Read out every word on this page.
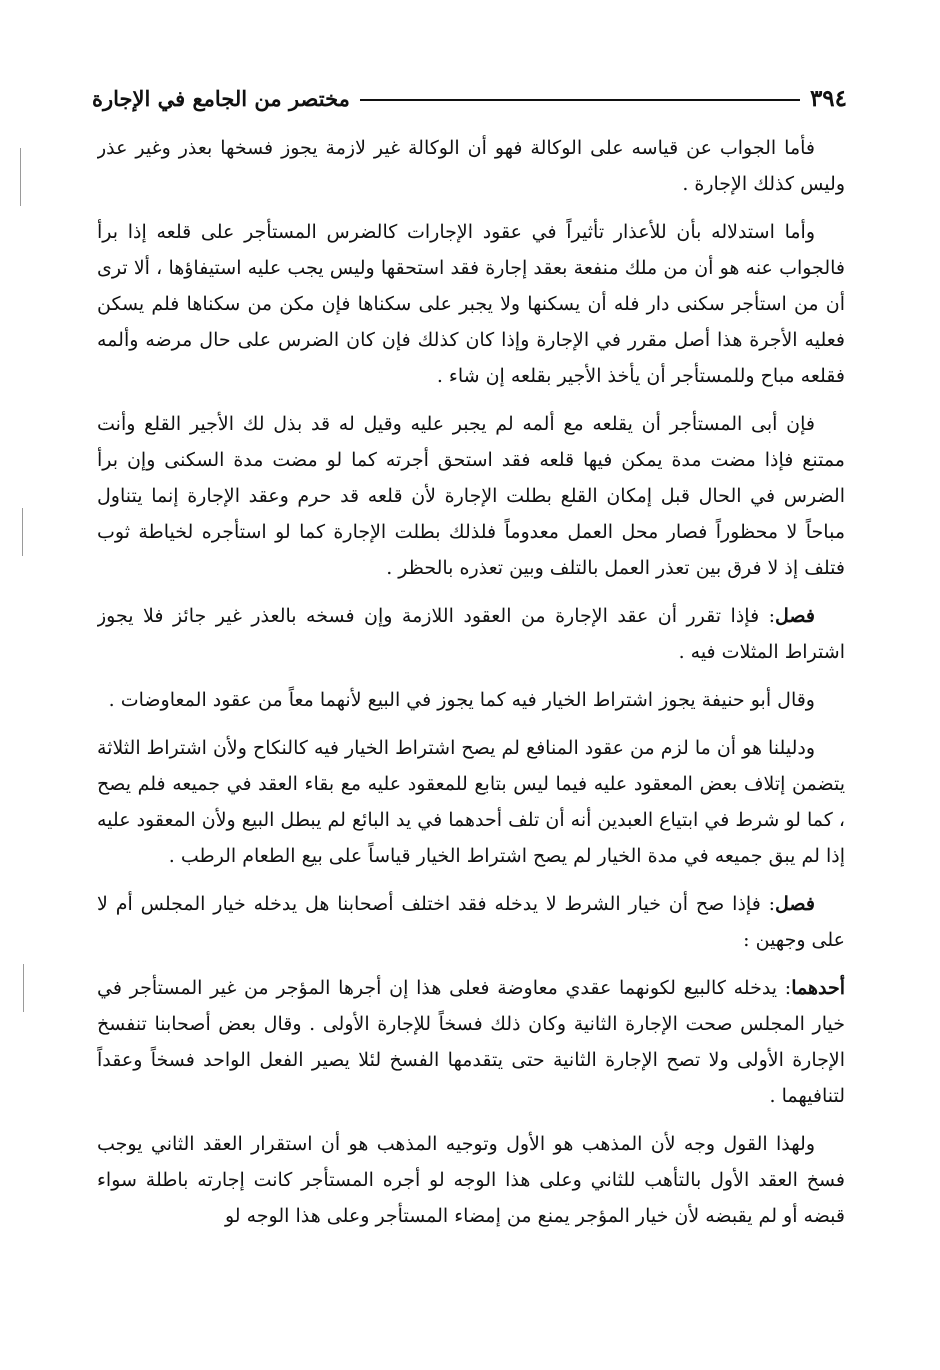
٣٩٤
مختصر من الجامع في الإجارة

فأما الجواب عن قياسه على الوكالة فهو أن الوكالة غير لازمة يجوز فسخها بعذر وغير عذر وليس كذلك الإجارة .

وأما استدلاله بأن للأعذار تأثيراً في عقود الإجارات كالضرس المستأجر على قلعه إذا برأ فالجواب عنه هو أن من ملك منفعة بعقد إجارة فقد استحقها وليس يجب عليه استيفاؤها ، ألا ترى أن من استأجر سكنى دار فله أن يسكنها ولا يجبر على سكناها فإن مكن من سكناها فلم يسكن فعليه الأجرة هذا أصل مقرر في الإجارة وإذا كان كذلك فإن كان الضرس على حال مرضه وألمه فقلعه مباح وللمستأجر أن يأخذ الأجير بقلعه إن شاء .

فإن أبى المستأجر أن يقلعه مع ألمه لم يجبر عليه وقيل له قد بذل لك الأجير القلع وأنت ممتنع فإذا مضت مدة يمكن فيها قلعه فقد استحق أجرته كما لو مضت مدة السكنى وإن برأ الضرس في الحال قبل إمكان القلع بطلت الإجارة لأن قلعه قد حرم وعقد الإجارة إنما يتناول مباحاً لا محظوراً فصار محل العمل معدوماً فلذلك بطلت الإجارة كما لو استأجره لخياطة ثوب فتلف إذ لا فرق بين تعذر العمل بالتلف وبين تعذره بالحظر .

فصل: فإذا تقرر أن عقد الإجارة من العقود اللازمة وإن فسخه بالعذر غير جائز فلا يجوز اشتراط المثلات فيه .

وقال أبو حنيفة يجوز اشتراط الخيار فيه كما يجوز في البيع لأنهما معاً من عقود المعاوضات .

ودليلنا هو أن ما لزم من عقود المنافع لم يصح اشتراط الخيار فيه كالنكاح ولأن اشتراط الثلاثة يتضمن إتلاف بعض المعقود عليه فيما ليس بتابع للمعقود عليه مع بقاء العقد في جميعه فلم يصح ، كما لو شرط في ابتياع العبدين أنه أن تلف أحدهما في يد البائع لم يبطل البيع ولأن المعقود عليه إذا لم يبق جميعه في مدة الخيار لم يصح اشتراط الخيار قياساً على بيع الطعام الرطب .

فصل: فإذا صح أن خيار الشرط لا يدخله فقد اختلف أصحابنا هل يدخله خيار المجلس أم لا على وجهين :

أحدهما: يدخله كالبيع لكونهما عقدي معاوضة فعلى هذا إن أجرها المؤجر من غير المستأجر في خيار المجلس صحت الإجارة الثانية وكان ذلك فسخاً للإجارة الأولى . وقال بعض أصحابنا تنفسخ الإجارة الأولى ولا تصح الإجارة الثانية حتى يتقدمها الفسخ لئلا يصير الفعل الواحد فسخاً وعقداً لتنافيهما .

ولهذا القول وجه لأن المذهب هو الأول وتوجيه المذهب هو أن استقرار العقد الثاني يوجب فسخ العقد الأول بالتأهب للثاني وعلى هذا الوجه لو أجره المستأجر كانت إجارته باطلة سواء قبضه أو لم يقبضه لأن خيار المؤجر يمنع من إمضاء المستأجر وعلى هذا الوجه لو
